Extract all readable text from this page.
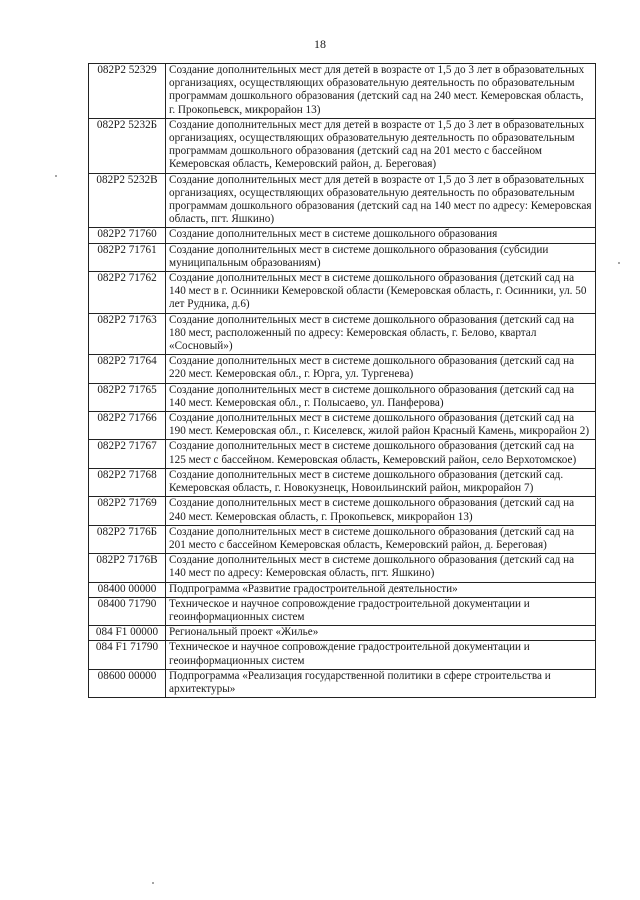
18
082P2 52329	Создание дополнительных мест для детей в возрасте от 1,5 до 3 лет в образовательных организациях, осуществляющих образовательную деятельность по образовательным программам дошкольного образования (детский сад на 240 мест. Кемеровская область, г. Прокопьевск, микрорайон 13)
082P2 5232Б	Создание дополнительных мест для детей в возрасте от 1,5 до 3 лет в образовательных организациях, осуществляющих образовательную деятельность по образовательным программам дошкольного образования (детский сад на 201 место с бассейном Кемеровская область, Кемеровский район, д. Береговая)
082P2 5232В	Создание дополнительных мест для детей в возрасте от 1,5 до 3 лет в образовательных организациях, осуществляющих образовательную деятельность по образовательным программам дошкольного образования (детский сад на 140 мест по адресу: Кемеровская область, пгт. Яшкино)
082P2 71760	Создание дополнительных мест в системе дошкольного образования
082P2 71761	Создание дополнительных мест в системе дошкольного образования (субсидии муниципальным образованиям)
082P2 71762	Создание дополнительных мест в системе дошкольного образования (детский сад на 140 мест в г. Осинники Кемеровской области (Кемеровская область, г. Осинники, ул. 50 лет Рудника, д.6)
082P2 71763	Создание дополнительных мест в системе дошкольного образования (детский сад на 180 мест, расположенный по адресу: Кемеровская область, г. Белово, квартал «Сосновый»)
082P2 71764	Создание дополнительных мест в системе дошкольного образования (детский сад на 220 мест. Кемеровская обл., г. Юрга, ул. Тургенева)
082P2 71765	Создание дополнительных мест в системе дошкольного образования (детский сад на 140 мест. Кемеровская обл., г. Полысаево, ул. Панферова)
082P2 71766	Создание дополнительных мест в системе дошкольного образования (детский сад на 190 мест. Кемеровская обл., г. Киселевск, жилой район Красный Камень, микрорайон 2)
082P2 71767	Создание дополнительных мест в системе дошкольного образования (детский сад на 125 мест с бассейном. Кемеровская область, Кемеровский район, село Верхотомское)
082P2 71768	Создание дополнительных мест в системе дошкольного образования (детский сад. Кемеровская область, г. Новокузнецк, Новоильинский район, микрорайон 7)
082P2 71769	Создание дополнительных мест в системе дошкольного образования (детский сад на 240 мест. Кемеровская область, г. Прокопьевск, микрорайон 13)
082P2 7176Б	Создание дополнительных мест в системе дошкольного образования (детский сад на 201 место с бассейном Кемеровская область, Кемеровский район, д. Береговая)
082P2 7176В	Создание дополнительных мест в системе дошкольного образования (детский сад на 140 мест по адресу: Кемеровская область, пгт. Яшкино)
08400 00000	Подпрограмма «Развитие градостроительной деятельности»
08400 71790	Техническое и научное сопровождение градостроительной документации и геоинформационных систем
084 F1 00000	Региональный проект «Жилье»
084 F1 71790	Техническое и научное сопровождение градостроительной документации и геоинформационных систем
08600 00000	Подпрограмма «Реализация государственной политики в сфере строительства и архитектуры»
